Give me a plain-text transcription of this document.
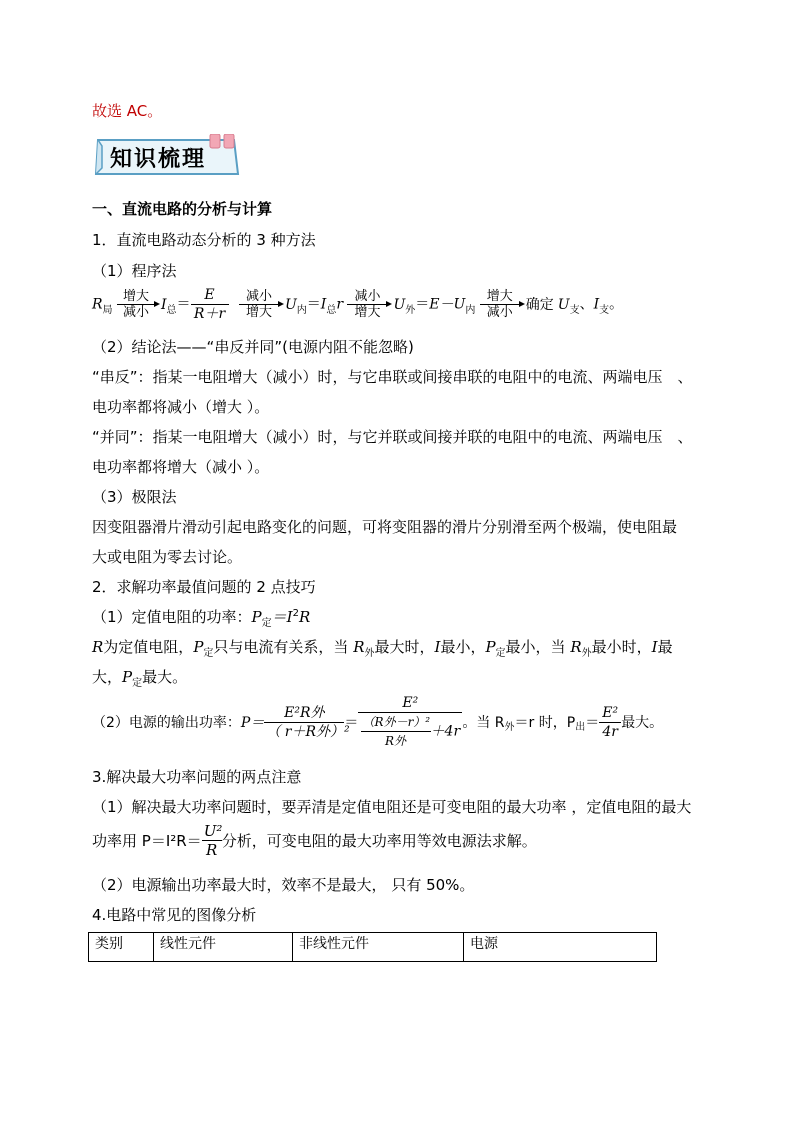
故选 AC。
知识梳理
一、直流电路的分析与计算
1．直流电路动态分析的 3 种方法
（1）程序法
$R_局$
增大
减小 $I_总= \frac{E}{R+r}$
	减小
增大 $U_内=I_总r$ 减小
增大 $U_外=E-U_内$
增大
减小 确定 $U_支$、$I_支$。
（2）结论法——“串反并同”(电源内阻不能忽略)
“串反”：指某一电阻增大（减小）时，与它串联或间接串联的电阻中的电流、两端电压　、
电功率都将减小（增大 ）。
“并同”：指某一电阻增大（减小）时，与它并联或间接并联的电阻中的电流、两端电压　、
电功率都将增大（减小 ）。
（3）极限法
因变阻器滑片滑动引起电路变化的问题，可将变阻器的滑片分别滑至两个极端，使电阻最
大或电阻为零去讨论。
2．求解功率最值问题的 2 点技巧
（1）定值电阻的功率：$P_定=I^2R$
R为定值电阻，$P_定$只与电流有关系，当 $R_外$最大时，I最小，$P_定$最小，当 $R_外$最小时，I最
大，$P_定$最大。
（2）电源的输出功率：$P= \frac{\text{E²R外}}{\text{（ r＋R外）²}} = \frac{\text{E²}}{\frac{\text{（R外－r）²}}{\text{R外}} +4r}$ 。当 $R_外=r$ 时，$P_出= \frac{\text{E²}}{4r}$ 最大。
3.解决最大功率问题的两点注意
（1）解决最大功率问题时，要弄清是定值电阻还是可变电阻的最大功率 ，定值电阻的最大
功率用 $P=I^2R= \frac{\text{U²}}{R}$ 分析，可变电阻的最大功率用等效电源法求解。
（2）电源输出功率最大时，效率不是最大， 只有 50%。
4.电路中常见的图像分析
类别	线性元件	非线性元件	电源
